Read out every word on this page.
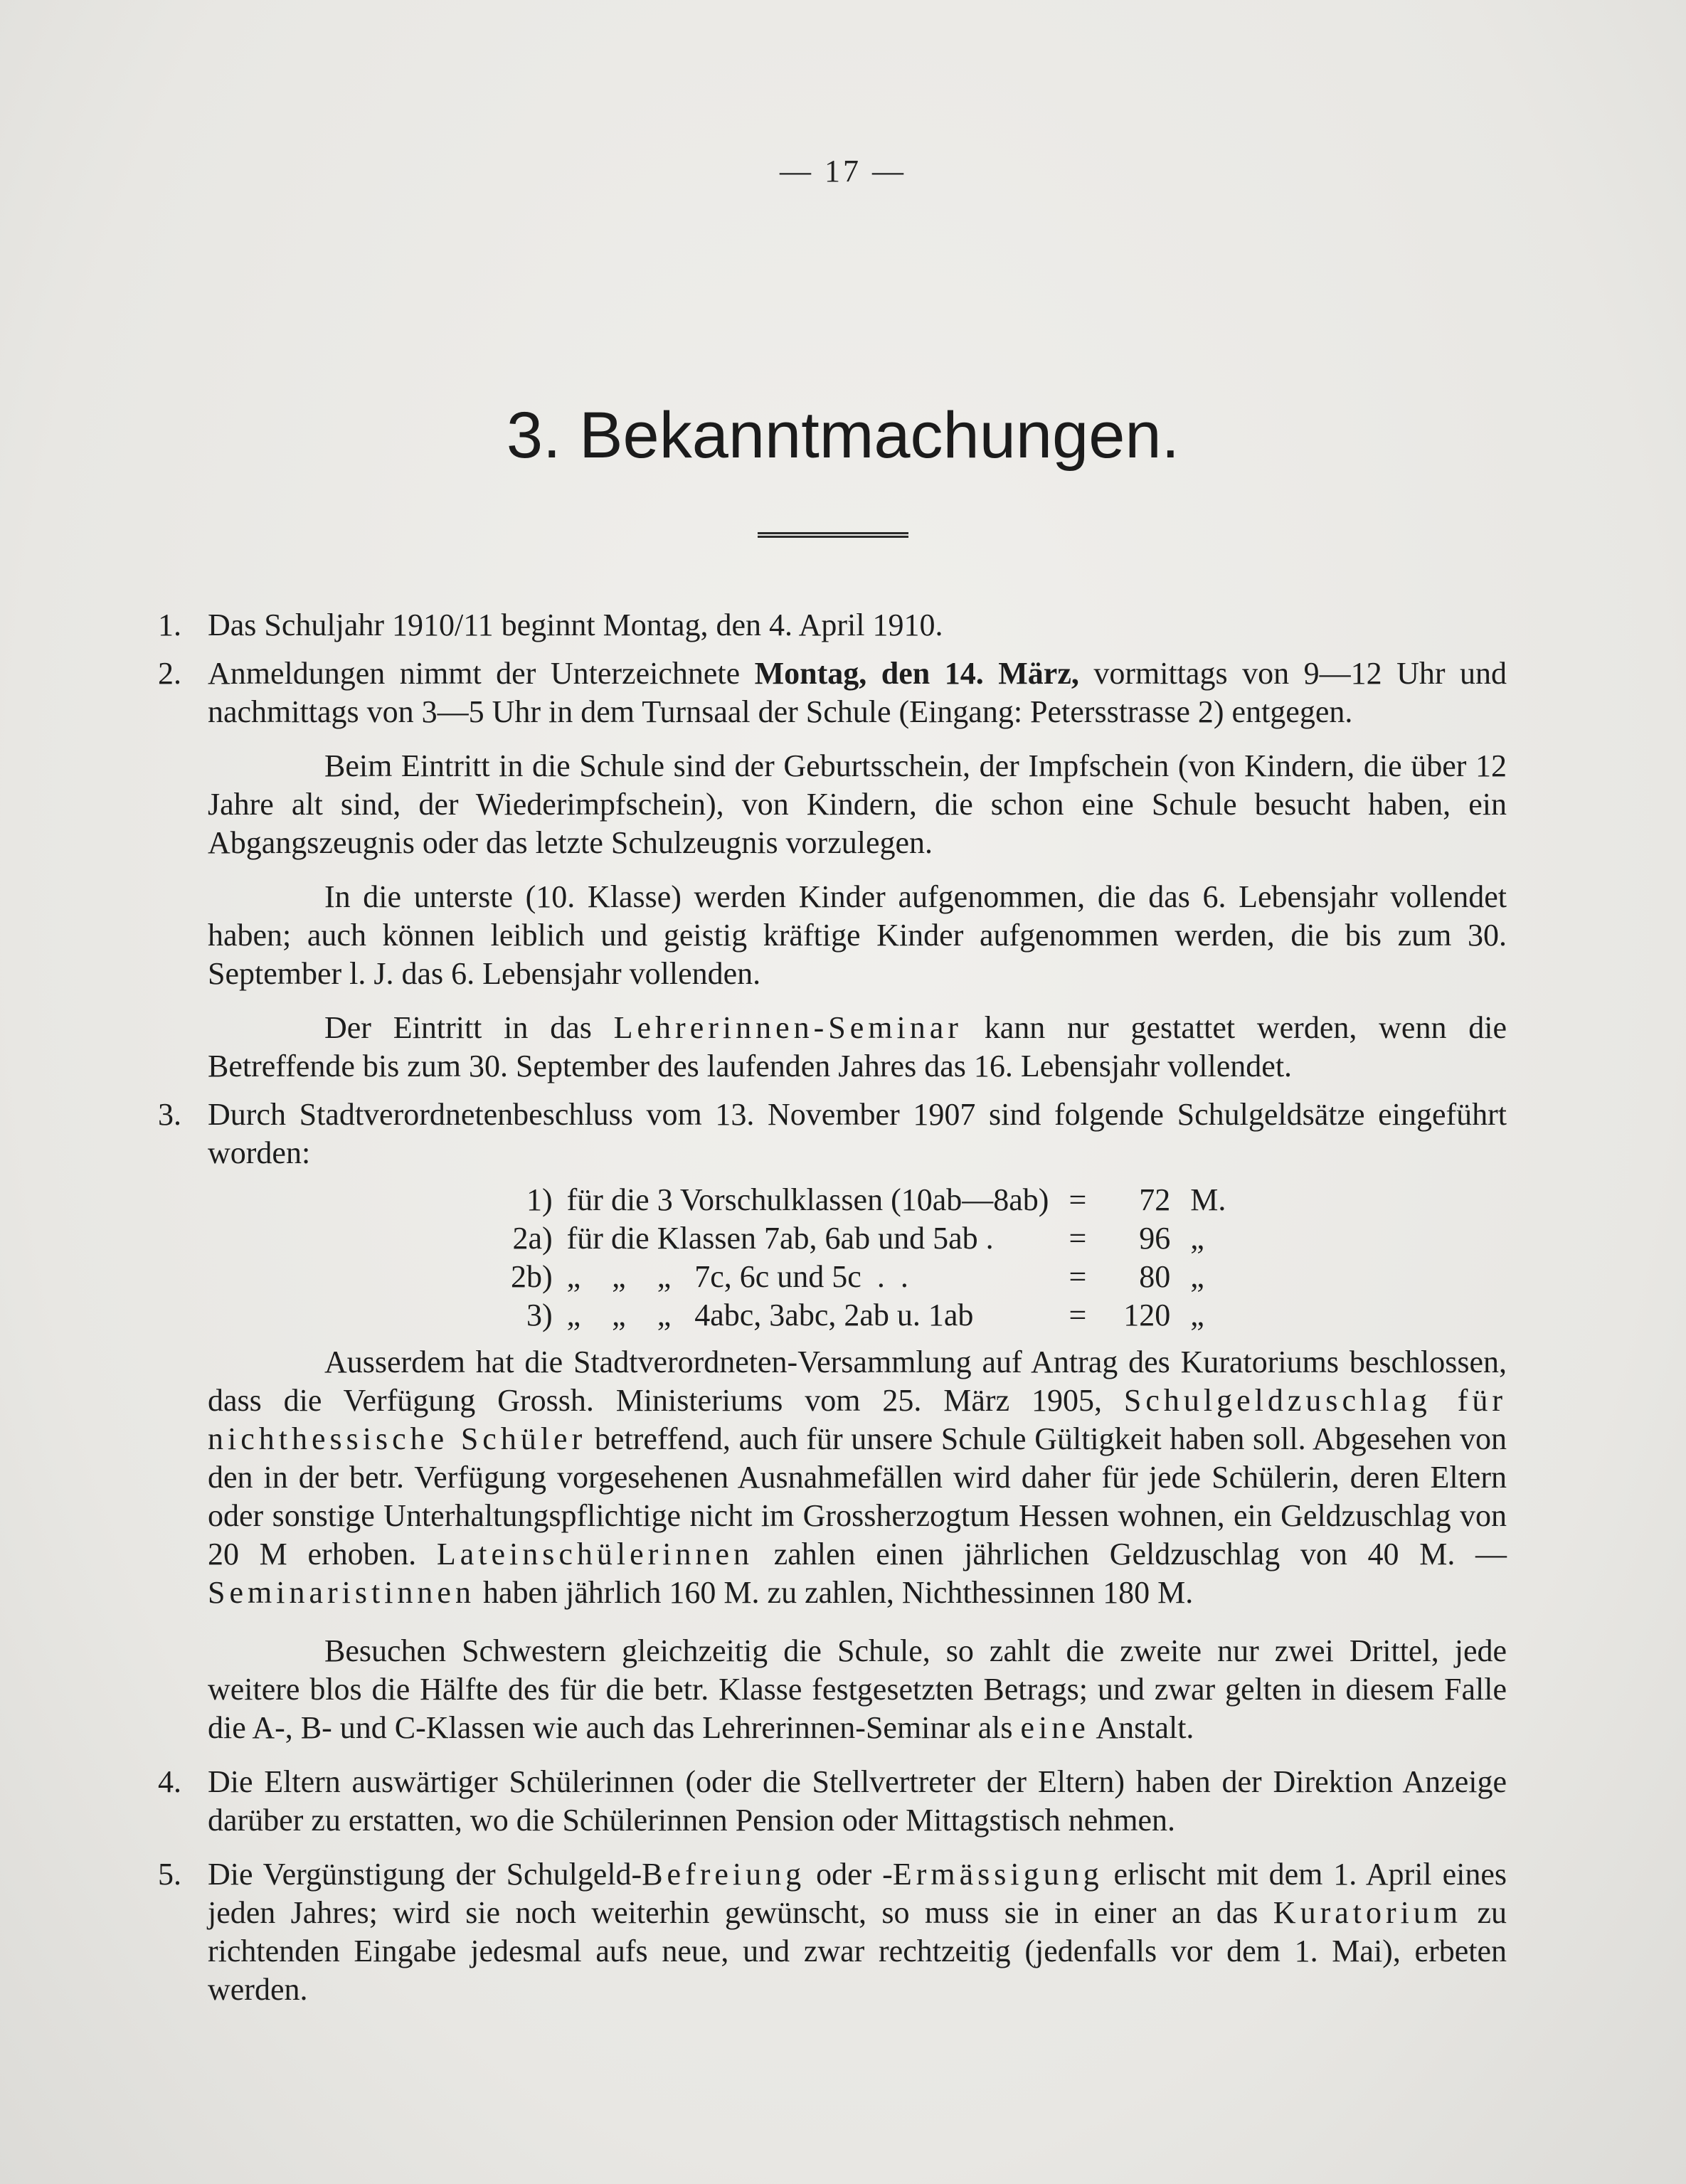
— 17 —
3. Bekanntmachungen.
1. Das Schuljahr 1910/11 beginnt Montag, den 4. April 1910.

2. Anmeldungen nimmt der Unterzeichnete Montag, den 14. März, vormittags von 9—12 Uhr und nachmittags von 3—5 Uhr in dem Turnsaal der Schule (Eingang: Petersstrasse 2) entgegen.

Beim Eintritt in die Schule sind der Geburtsschein, der Impfschein (von Kindern, die über 12 Jahre alt sind, der Wiederimpfschein), von Kindern, die schon eine Schule besucht haben, ein Abgangszeugnis oder das letzte Schulzeugnis vorzulegen.

In die unterste (10. Klasse) werden Kinder aufgenommen, die das 6. Lebensjahr vollendet haben; auch können leiblich und geistig kräftige Kinder aufgenommen werden, die bis zum 30. September l. J. das 6. Lebensjahr vollenden.

Der Eintritt in das Lehrerinnen-Seminar kann nur gestattet werden, wenn die Betreffende bis zum 30. September des laufenden Jahres das 16. Lebensjahr vollendet.

3. Durch Stadtverordnetenbeschluss vom 13. November 1907 sind folgende Schulgeldsätze eingeführt worden:

1)	für die 3 Vorschulklassen (10ab—8ab)	=	72	M.
2a)	für die Klassen 7ab, 6ab und 5ab .	=	96	„
2b)	„    „    „   7c, 6c und 5c  .  .	=	80	„
3)	„    „    „   4abc, 3abc, 2ab u. 1ab	=	120	„

Ausserdem hat die Stadtverordneten-Versammlung auf Antrag des Kuratoriums beschlossen, dass die Verfügung Grossh. Ministeriums vom 25. März 1905, Schulgeldzuschlag für nichthessische Schüler betreffend, auch für unsere Schule Gültigkeit haben soll. Abgesehen von den in der betr. Verfügung vorgesehenen Ausnahmefällen wird daher für jede Schülerin, deren Eltern oder sonstige Unterhaltungspflichtige nicht im Grossherzogtum Hessen wohnen, ein Geldzuschlag von 20 M erhoben. Lateinschülerinnen zahlen einen jährlichen Geldzuschlag von 40 M. — Seminaristinnen haben jährlich 160 M. zu zahlen, Nichthessinnen 180 M.

Besuchen Schwestern gleichzeitig die Schule, so zahlt die zweite nur zwei Drittel, jede weitere blos die Hälfte des für die betr. Klasse festgesetzten Betrags; und zwar gelten in diesem Falle die A-, B- und C-Klassen wie auch das Lehrerinnen-Seminar als eine Anstalt.

4. Die Eltern auswärtiger Schülerinnen (oder die Stellvertreter der Eltern) haben der Direktion Anzeige darüber zu erstatten, wo die Schülerinnen Pension oder Mittagstisch nehmen.

5. Die Vergünstigung der Schulgeld-Befreiung oder -Ermässigung erlischt mit dem 1. April eines jeden Jahres; wird sie noch weiterhin gewünscht, so muss sie in einer an das Kuratorium zu richtenden Eingabe jedesmal aufs neue, und zwar rechtzeitig (jedenfalls vor dem 1. Mai), erbeten werden.
